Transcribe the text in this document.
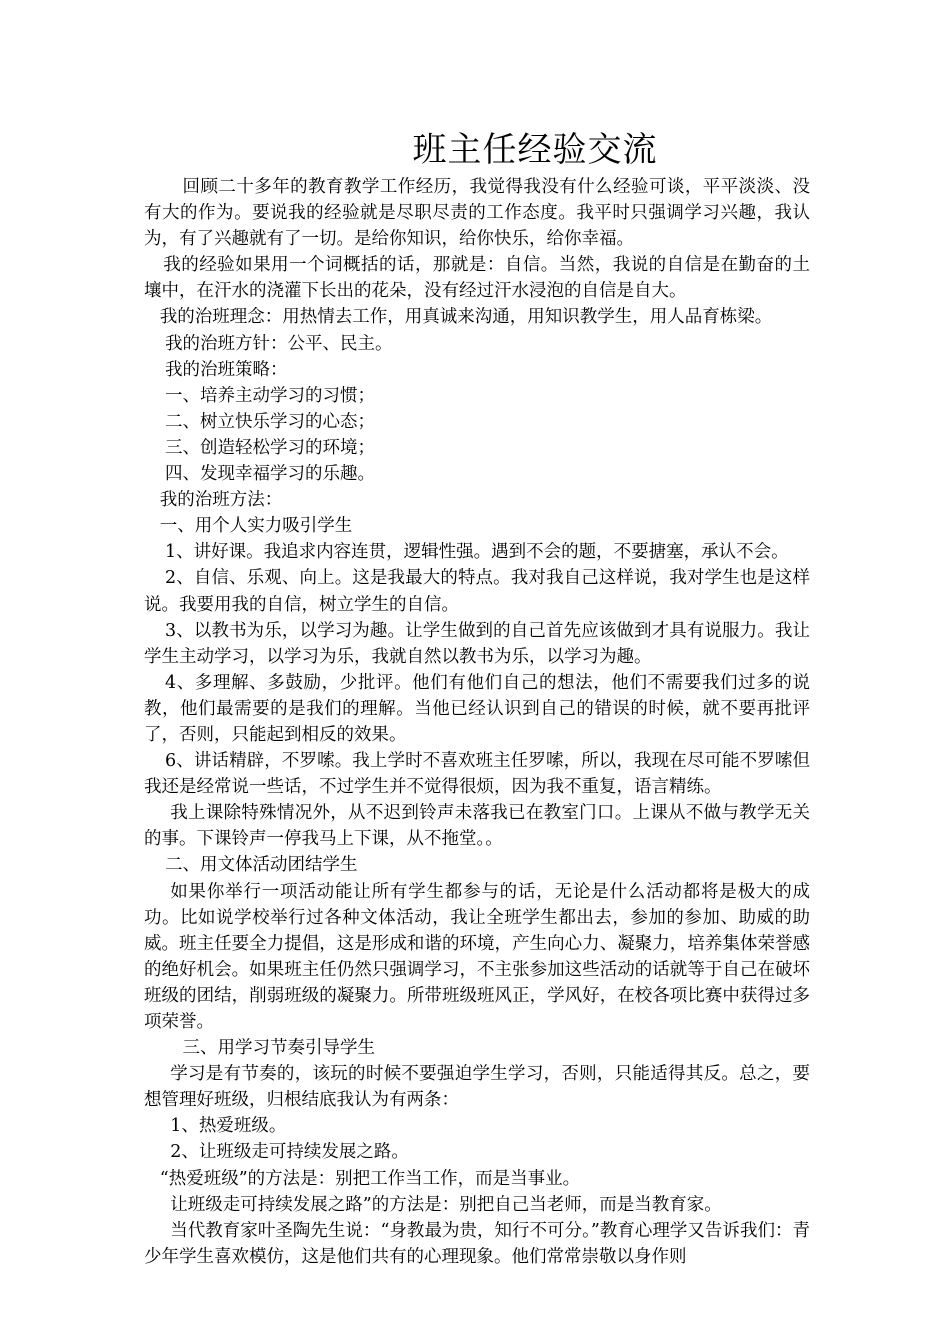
班主任经验交流

回顾二十多年的教育教学工作经历，我觉得我没有什么经验可谈，平平淡淡、没有大的作为。要说我的经验就是尽职尽责的工作态度。我平时只强调学习兴趣，我认为，有了兴趣就有了一切。是给你知识，给你快乐，给你幸福。

我的经验如果用一个词概括的话，那就是：自信。当然，我说的自信是在勤奋的土壤中，在汗水的浇灌下长出的花朵，没有经过汗水浸泡的自信是自大。

我的治班理念：用热情去工作，用真诚来沟通，用知识教学生，用人品育栋梁。

我的治班方针：公平、民主。

我的治班策略：

一、培养主动学习的习惯；

二、树立快乐学习的心态；

三、创造轻松学习的环境；

四、发现幸福学习的乐趣。

我的治班方法：

一、用个人实力吸引学生

1、讲好课。我追求内容连贯，逻辑性强。遇到不会的题，不要搪塞，承认不会。

2、自信、乐观、向上。这是我最大的特点。我对我自己这样说，我对学生也是这样说。我要用我的自信，树立学生的自信。

3、以教书为乐，以学习为趣。让学生做到的自己首先应该做到才具有说服力。我让学生主动学习，以学习为乐，我就自然以教书为乐，以学习为趣。

4、多理解、多鼓励，少批评。他们有他们自己的想法，他们不需要我们过多的说教，他们最需要的是我们的理解。当他已经认识到自己的错误的时候，就不要再批评了，否则，只能起到相反的效果。

6、讲话精辟，不罗嗦。我上学时不喜欢班主任罗嗦，所以，我现在尽可能不罗嗦但我还是经常说一些话，不过学生并不觉得很烦，因为我不重复，语言精练。

我上课除特殊情况外，从不迟到铃声未落我已在教室门口。上课从不做与教学无关的事。下课铃声一停我马上下课，从不拖堂。。

二、用文体活动团结学生

如果你举行一项活动能让所有学生都参与的话，无论是什么活动都将是极大的成功。比如说学校举行过各种文体活动，我让全班学生都出去，参加的参加、助威的助威。班主任要全力提倡，这是形成和谐的环境，产生向心力、凝聚力，培养集体荣誉感的绝好机会。如果班主任仍然只强调学习，不主张参加这些活动的话就等于自己在破坏班级的团结，削弱班级的凝聚力。所带班级班风正，学风好，在校各项比赛中获得过多项荣誉。

三、用学习节奏引导学生

学习是有节奏的，该玩的时候不要强迫学生学习，否则，只能适得其反。总之，要想管理好班级，归根结底我认为有两条：

1、热爱班级。

2、让班级走可持续发展之路。

“热爱班级”的方法是：别把工作当工作，而是当事业。

让班级走可持续发展之路”的方法是：别把自己当老师，而是当教育家。

当代教育家叶圣陶先生说：“身教最为贵，知行不可分。”教育心理学又告诉我们：青少年学生喜欢模仿，这是他们共有的心理现象。他们常常崇敬以身作则
